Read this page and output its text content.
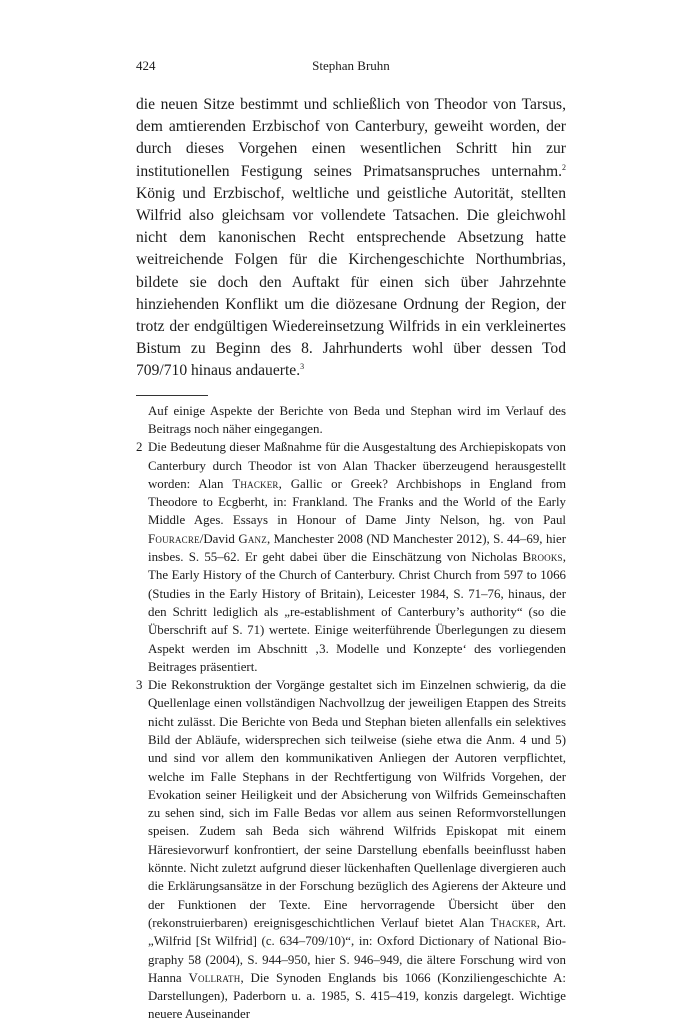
424	Stephan Bruhn

die neuen Sitze bestimmt und schließlich von Theodor von Tarsus, dem amtierenden Erzbischof von Canterbury, geweiht worden, der durch dieses Vorgehen einen wesentlichen Schritt hin zur institutionellen Festigung seines Primatsanspruches unternahm.$^2$ König und Erzbischof, weltliche und geistliche Autorität, stellten Wilfrid also gleichsam vor vollendete Tatsachen. Die gleichwohl nicht dem kanonischen Recht entsprechende Absetzung hatte weitreichende Folgen für die Kirchengeschichte Northumbrias, bildete sie doch den Auftakt für einen sich über Jahrzehnte hinziehenden Konflikt um die diözesane Ordnung der Region, der trotz der endgültigen Wiedereinsetzung Wilfrids in ein verkleinertes Bistum zu Beginn des 8. Jahrhunderts wohl über dessen Tod 709/710 hinaus andauerte.$^3$

Auf einige Aspekte der Berichte von Beda und Stephan wird im Verlauf des Beitrags noch näher eingegangen.

2 Die Bedeutung dieser Maßnahme für die Ausgestaltung des Archiepiskopats von Canterbury durch Theodor ist von Alan Thacker überzeugend herausgestellt worden: Alan Thacker, Gallic or Greek? Archbishops in England from Theodore to Ecgberht, in: Frankland. The Franks and the World of the Early Middle Ages. Essays in Honour of Dame Jinty Nelson, hg. von Paul Fouracre/David Ganz, Manchester 2008 (ND Manchester 2012), S. 44–69, hier insbes. S. 55–62. Er geht dabei über die Einschätzung von Nicholas Brooks, The Early History of the Church of Canterbury. Christ Church from 597 to 1066 (Studies in the Early History of Britain), Leicester 1984, S. 71–76, hinaus, der den Schritt lediglich als „re-establishment of Canterbury’s authority“ (so die Überschrift auf S. 71) wertete. Einige weiterführende Überlegungen zu diesem Aspekt werden im Abschnitt ‚3. Modelle und Konzepte‘ des vorliegenden Beitrages präsentiert.

3 Die Rekonstruktion der Vorgänge gestaltet sich im Einzelnen schwierig, da die Quellenlage einen vollständigen Nachvollzug der jeweiligen Etappen des Streits nicht zulässt. Die Berichte von Beda und Stephan bieten allenfalls ein selektives Bild der Abläufe, widersprechen sich teilweise (siehe etwa die Anm. 4 und 5) und sind vor allem den kommunikativen Anliegen der Autoren verpflichtet, welche im Falle Stephans in der Rechtfertigung von Wilfrids Vorgehen, der Evokation seiner Heiligkeit und der Absicherung von Wilfrids Gemeinschaften zu sehen sind, sich im Falle Bedas vor allem aus seinen Reformvorstellungen speisen. Zudem sah Beda sich während Wilfrids Episkopat mit einem Häresievorwurf konfrontiert, der seine Darstellung ebenfalls beeinflusst haben könnte. Nicht zuletzt aufgrund dieser lückenhaften Quellenlage divergieren auch die Erklärungsansätze in der Forschung bezüglich des Agierens der Akteure und der Funktionen der Texte. Eine hervorragende Übersicht über den (rekonstruierbaren) ereignisgeschichtlichen Verlauf bietet Alan Thacker, Art. „Wilfrid [St Wilfrid] (c. 634–709/10)“, in: Oxford Dictionary of National Biography 58 (2004), S. 944–950, hier S. 946–949, die ältere Forschung wird von Hanna Vollrath, Die Synoden Englands bis 1066 (Konziliengeschichte A: Darstellungen), Paderborn u. a. 1985, S. 415–419, konzis dargelegt. Wichtige neuere Auseinander
